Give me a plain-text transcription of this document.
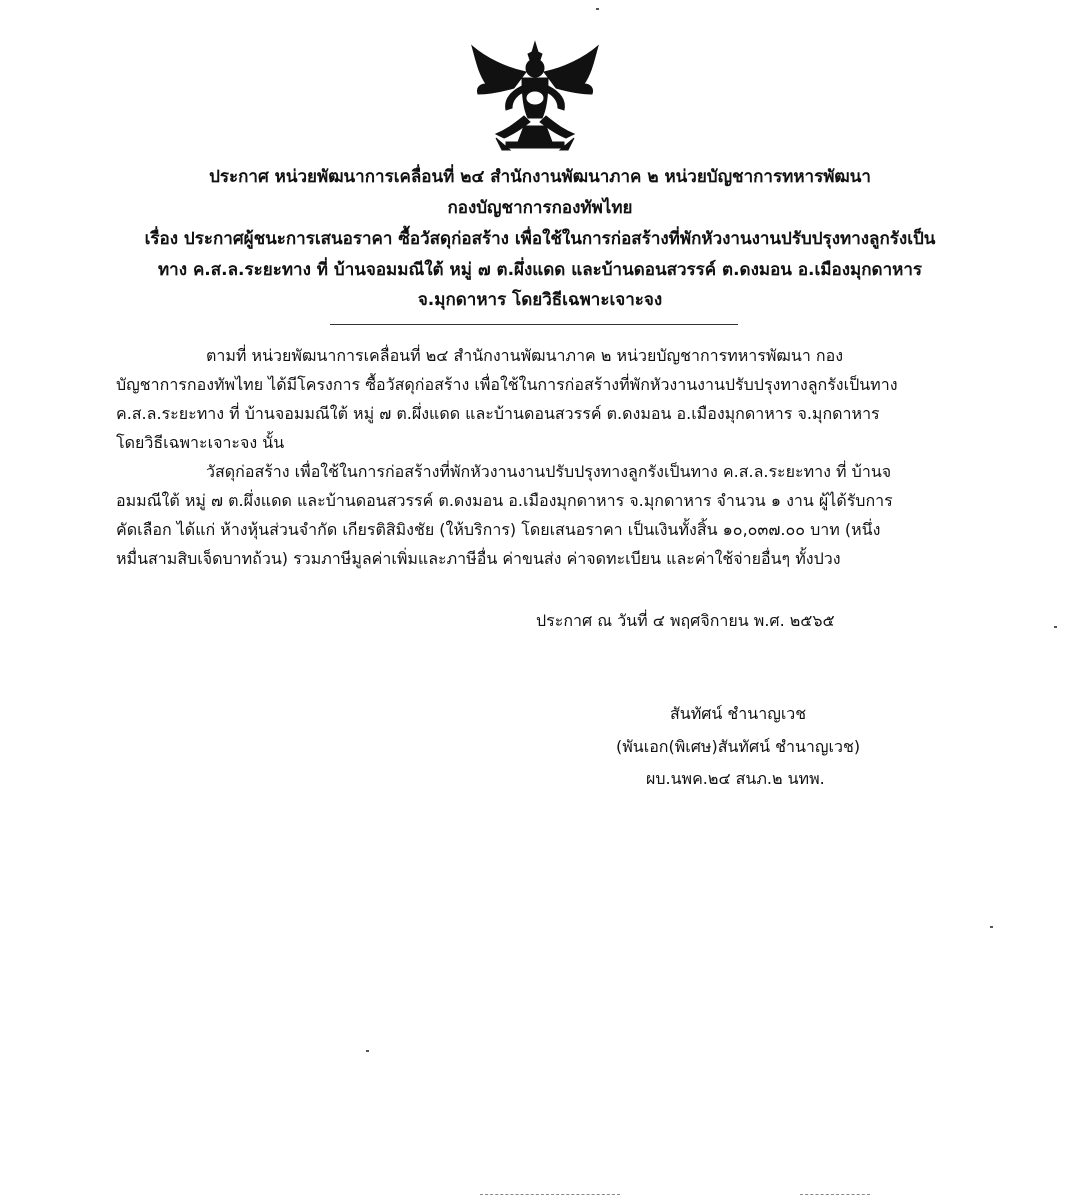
ประกาศ หน่วยพัฒนาการเคลื่อนที่ ๒๔ สำนักงานพัฒนาภาค ๒ หน่วยบัญชาการทหารพัฒนา
กองบัญชาการกองทัพไทย
เรื่อง ประกาศผู้ชนะการเสนอราคา ซื้อวัสดุก่อสร้าง เพื่อใช้ในการก่อสร้างที่พักหัวงานงานปรับปรุงทางลูกรังเป็น
ทาง ค.ส.ล.ระยะทาง ที่ บ้านจอมมณีใต้ หมู่ ๗ ต.ผึ่งแดด และบ้านดอนสวรรค์ ต.ดงมอน อ.เมืองมุกดาหาร
จ.มุกดาหาร โดยวิธีเฉพาะเจาะจง
ตามที่ หน่วยพัฒนาการเคลื่อนที่ ๒๔ สำนักงานพัฒนาภาค ๒ หน่วยบัญชาการทหารพัฒนา กอง
บัญชาการกองทัพไทย ได้มีโครงการ ซื้อวัสดุก่อสร้าง เพื่อใช้ในการก่อสร้างที่พักหัวงานงานปรับปรุงทางลูกรังเป็นทาง
ค.ส.ล.ระยะทาง ที่ บ้านจอมมณีใต้ หมู่ ๗ ต.ผึ่งแดด และบ้านดอนสวรรค์ ต.ดงมอน อ.เมืองมุกดาหาร จ.มุกดาหาร
โดยวิธีเฉพาะเจาะจง นั้น
วัสดุก่อสร้าง เพื่อใช้ในการก่อสร้างที่พักหัวงานงานปรับปรุงทางลูกรังเป็นทาง ค.ส.ล.ระยะทาง ที่ บ้านจ
อมมณีใต้ หมู่ ๗ ต.ผึ่งแดด และบ้านดอนสวรรค์ ต.ดงมอน อ.เมืองมุกดาหาร จ.มุกดาหาร จำนวน ๑ งาน ผู้ได้รับการ
คัดเลือก ได้แก่ ห้างหุ้นส่วนจำกัด เกียรติสิมิงชัย (ให้บริการ) โดยเสนอราคา เป็นเงินทั้งสิ้น ๑๐,๐๓๗.๐๐ บาท (หนึ่ง
หมื่นสามสิบเจ็ดบาทถ้วน) รวมภาษีมูลค่าเพิ่มและภาษีอื่น ค่าขนส่ง ค่าจดทะเบียน และค่าใช้จ่ายอื่นๆ ทั้งปวง
ประกาศ ณ วันที่ ๔ พฤศจิกายน พ.ศ. ๒๕๖๕
สันทัศน์ ชำนาญเวช
(พันเอก(พิเศษ)สันทัศน์ ชำนาญเวช)
ผบ.นพค.๒๔ สนภ.๒ นทพ.
